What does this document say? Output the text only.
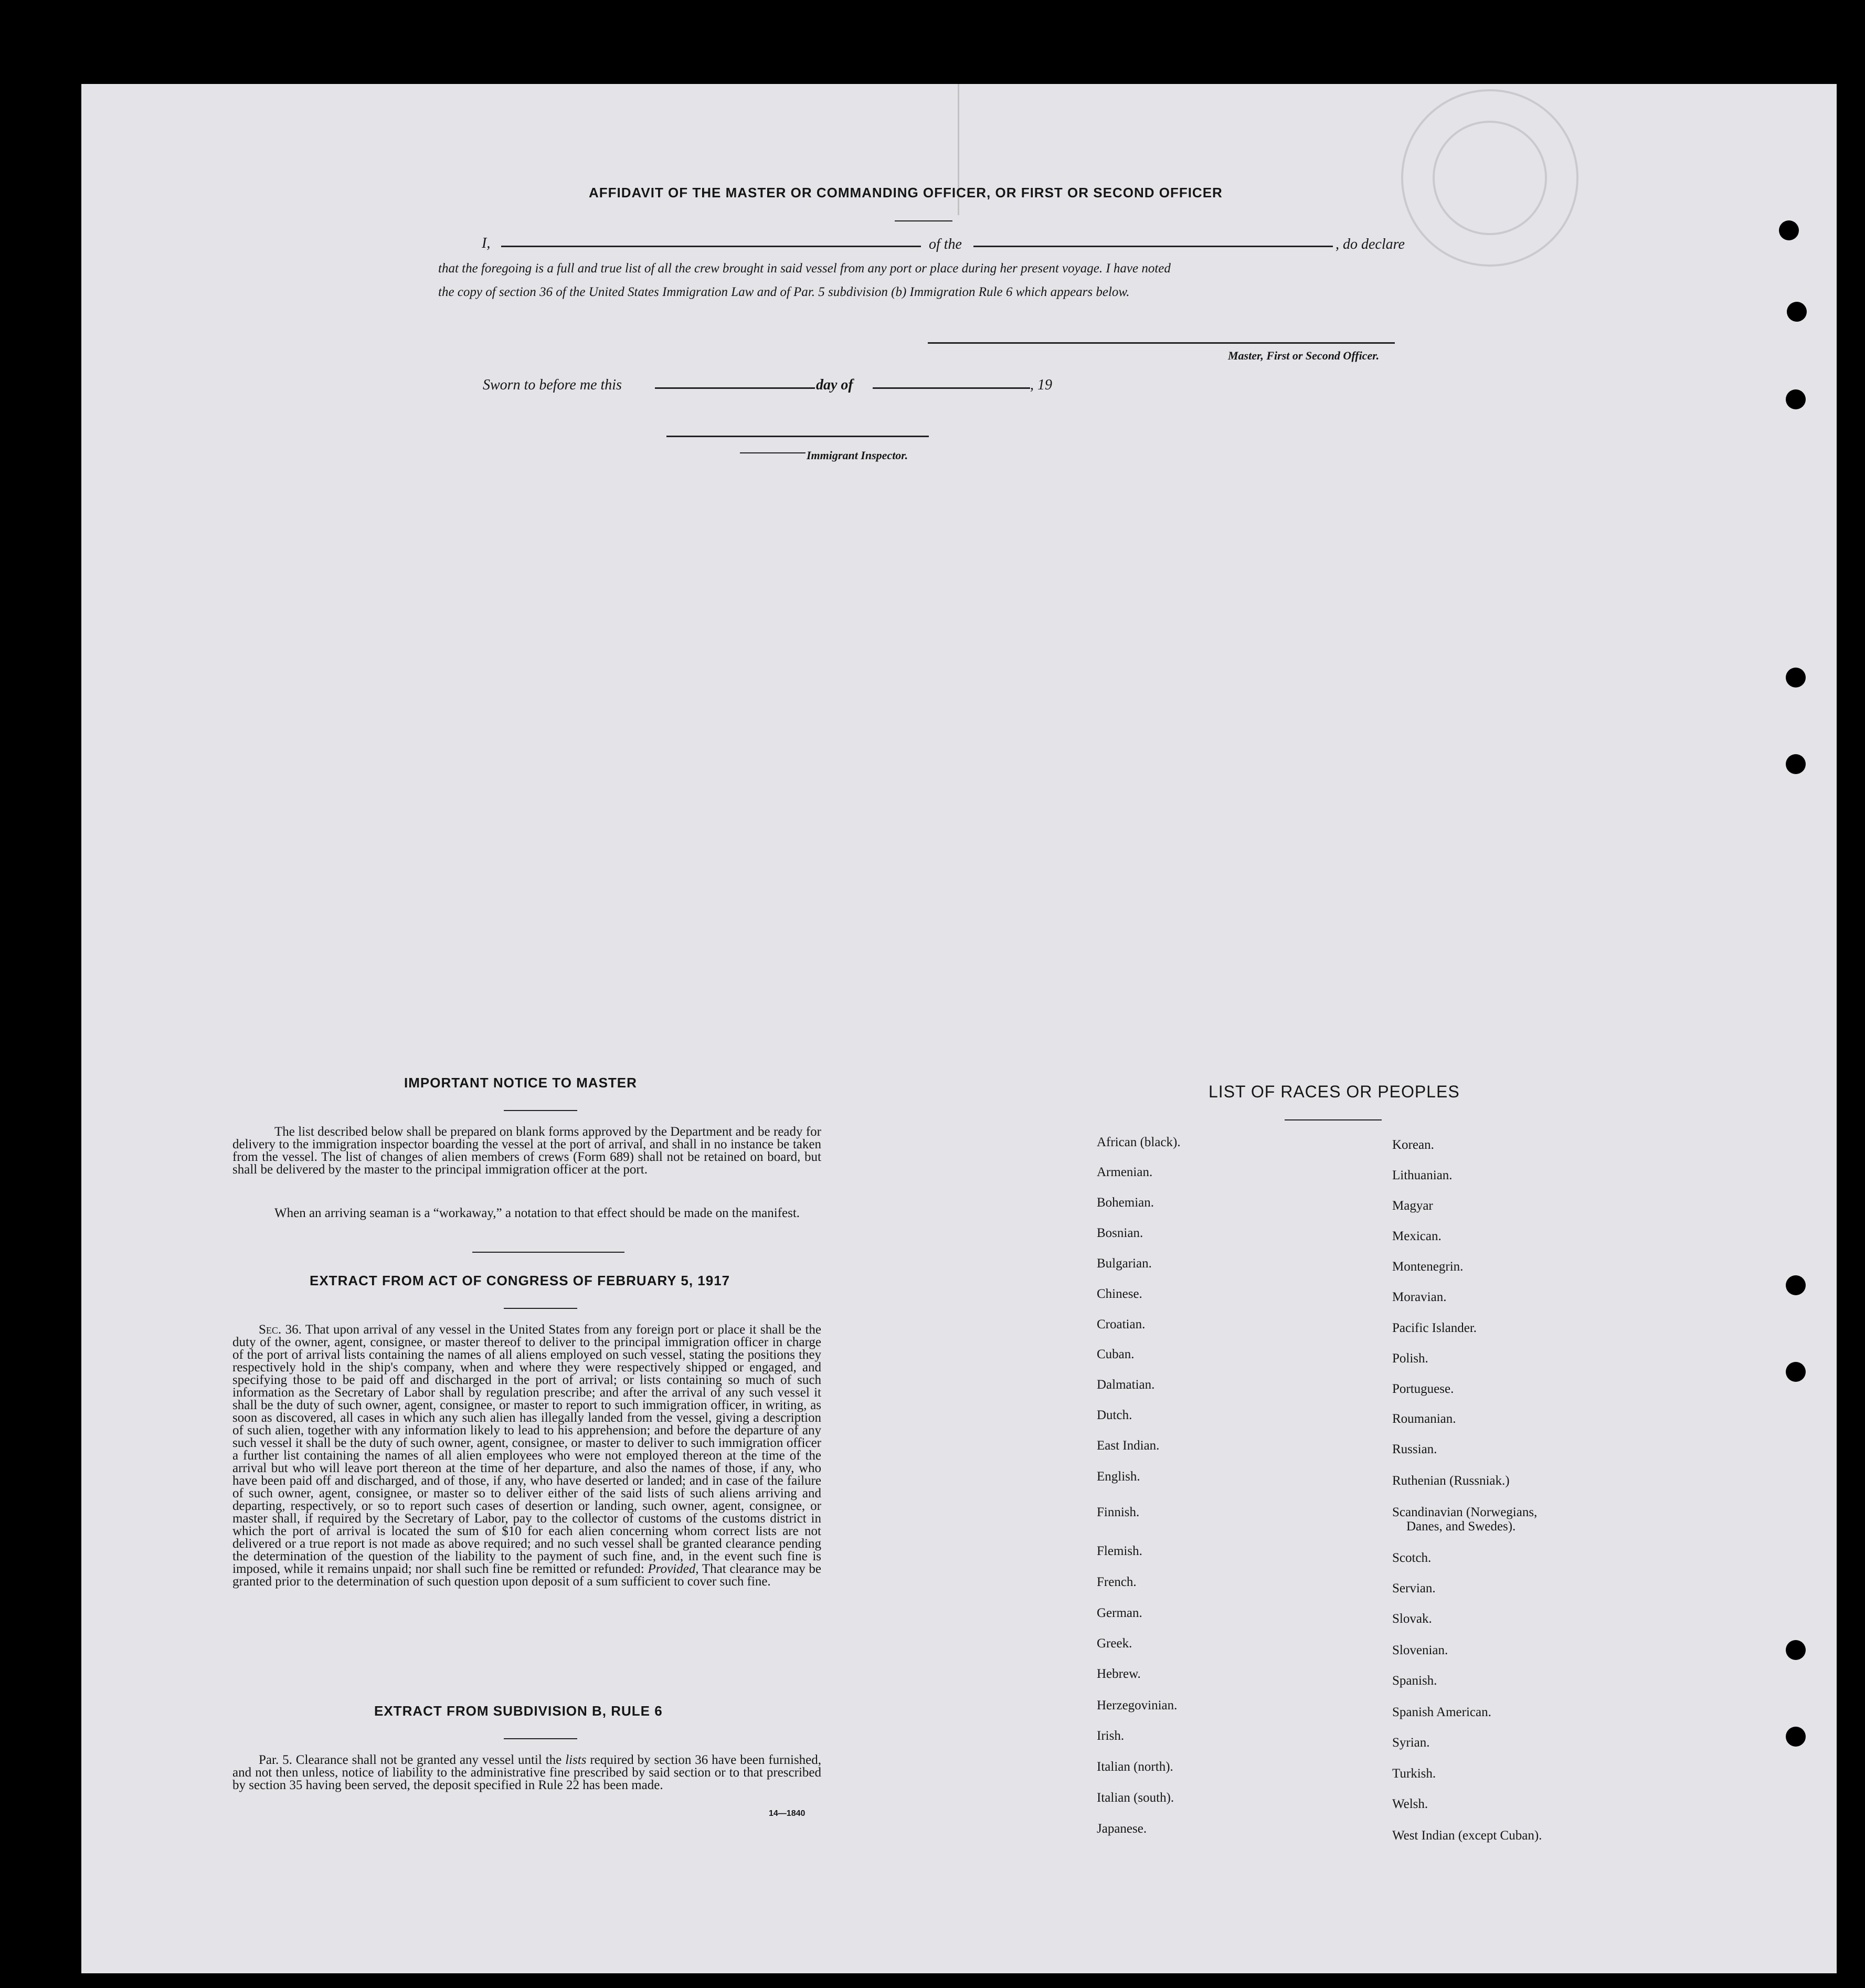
AFFIDAVIT OF THE MASTER OR COMMANDING OFFICER, OR FIRST OR SECOND OFFICER
I,	of the	, do declare
that the foregoing is a full and true list of all the crew brought in said vessel from any port or place during her present voyage. I have noted
the copy of section 36 of the United States Immigration Law and of Par. 5 subdivision (b) Immigration Rule 6 which appears below.
Master, First or Second Officer.
Sworn to before me this	day of	, 19
Immigrant Inspector.
IMPORTANT NOTICE TO MASTER
The list described below shall be prepared on blank forms approved by the Department and be ready for delivery to the immigration inspector boarding the vessel at the port of arrival, and shall in no instance be taken from the vessel. The list of changes of alien members of crews (Form 689) shall not be retained on board, but shall be delivered by the master to the principal immigration officer at the port.
When an arriving seaman is a “workaway,” a notation to that effect should be made on the manifest.
EXTRACT FROM ACT OF CONGRESS OF FEBRUARY 5, 1917
Sec. 36. That upon arrival of any vessel in the United States from any foreign port or place it shall be the duty of the owner, agent, consignee, or master thereof to deliver to the principal immigration officer in charge of the port of arrival lists containing the names of all aliens employed on such vessel, stating the positions they respectively hold in the ship's company, when and where they were respectively shipped or engaged, and specifying those to be paid off and discharged in the port of arrival; or lists containing so much of such information as the Secretary of Labor shall by regulation prescribe; and after the arrival of any such vessel it shall be the duty of such owner, agent, consignee, or master to report to such immigration officer, in writing, as soon as discovered, all cases in which any such alien has illegally landed from the vessel, giving a description of such alien, together with any information likely to lead to his apprehension; and before the departure of any such vessel it shall be the duty of such owner, agent, consignee, or master to deliver to such immigration officer a further list containing the names of all alien employees who were not employed thereon at the time of the arrival but who will leave port thereon at the time of her departure, and also the names of those, if any, who have been paid off and discharged, and of those, if any, who have deserted or landed; and in case of the failure of such owner, agent, consignee, or master so to deliver either of the said lists of such aliens arriving and departing, respectively, or so to report such cases of desertion or landing, such owner, agent, consignee, or master shall, if required by the Secretary of Labor, pay to the collector of customs of the customs district in which the port of arrival is located the sum of $10 for each alien concerning whom correct lists are not delivered or a true report is not made as above required; and no such vessel shall be granted clearance pending the determination of the question of the liability to the payment of such fine, and, in the event such fine is imposed, while it remains unpaid; nor shall such fine be remitted or refunded: Provided, That clearance may be granted prior to the determination of such question upon deposit of a sum sufficient to cover such fine.
EXTRACT FROM SUBDIVISION B, RULE 6
Par. 5. Clearance shall not be granted any vessel until the lists required by section 36 have been furnished, and not then unless, notice of liability to the administrative fine prescribed by said section or to that prescribed by section 35 having been served, the deposit specified in Rule 22 has been made.
14—1840
LIST OF RACES OR PEOPLES
African (black).
Armenian.
Bohemian.
Bosnian.
Bulgarian.
Chinese.
Croatian.
Cuban.
Dalmatian.
Dutch.
East Indian.
English.
Finnish.
Flemish.
French.
German.
Greek.
Hebrew.
Herzegovinian.
Irish.
Italian (north).
Italian (south).
Japanese.
Korean.
Lithuanian.
Magyar
Mexican.
Montenegrin.
Moravian.
Pacific Islander.
Polish.
Portuguese.
Roumanian.
Russian.
Ruthenian (Russniak.)
Scandinavian (Norwegians,
Danes, and Swedes).
Scotch.
Servian.
Slovak.
Slovenian.
Spanish.
Spanish American.
Syrian.
Turkish.
Welsh.
West Indian (except Cuban).
